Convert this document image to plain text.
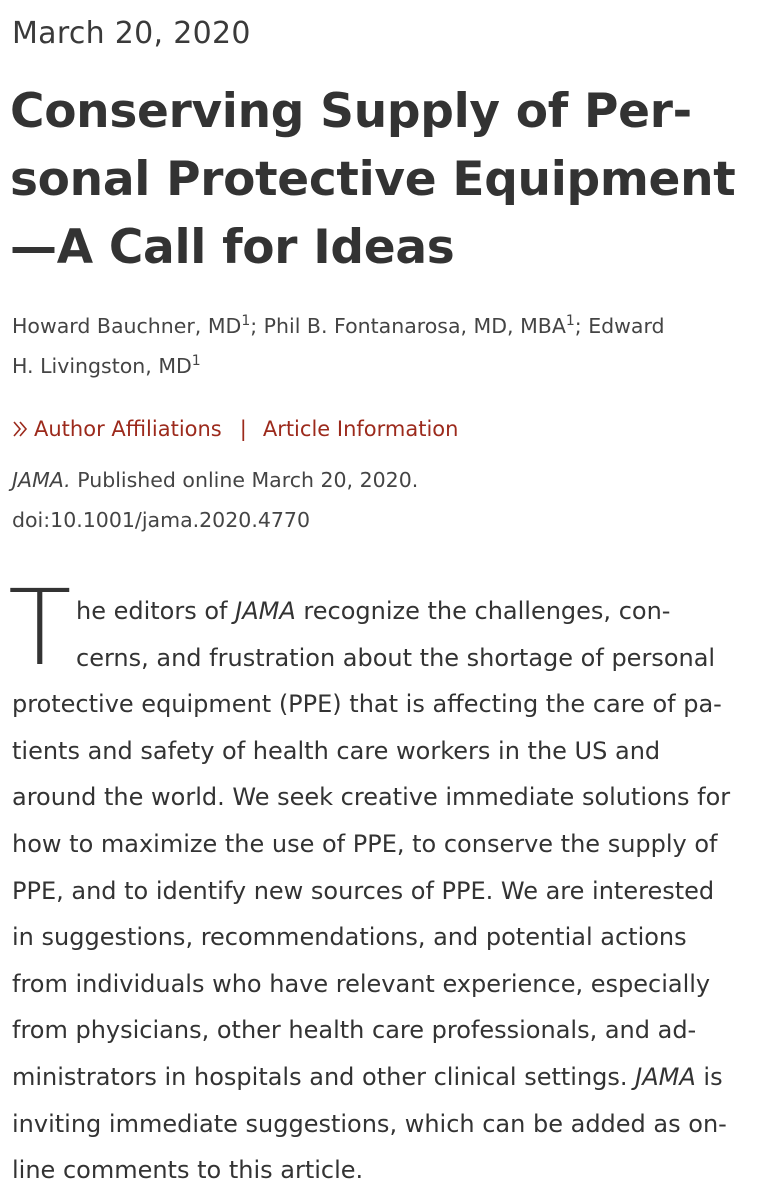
March 20, 2020
Conserving Supply of Per-
sonal Protective Equipment
—A Call for Ideas
Howard Bauchner, $MD^1$; Phil B. Fontanarosa, MD, MBA$^1$; Edward
H. Livingston, $MD^1$
Author Affiliations | Article Information
JAMA. Published online March 20, 2020.
doi:10.1001/jama.2020.4770
T he editors of JAMA recognize the challenges, con-
cerns, and frustration about the shortage of personal
protective equipment (PPE) that is affecting the care of pa-
tients and safety of health care workers in the US and
around the world. We seek creative immediate solutions for
how to maximize the use of PPE, to conserve the supply of
PPE, and to identify new sources of PPE. We are interested
in suggestions, recommendations, and potential actions
from individuals who have relevant experience, especially
from physicians, other health care professionals, and ad-
ministrators in hospitals and other clinical settings. JAMA is
inviting immediate suggestions, which can be added as on-
line comments to this article.
